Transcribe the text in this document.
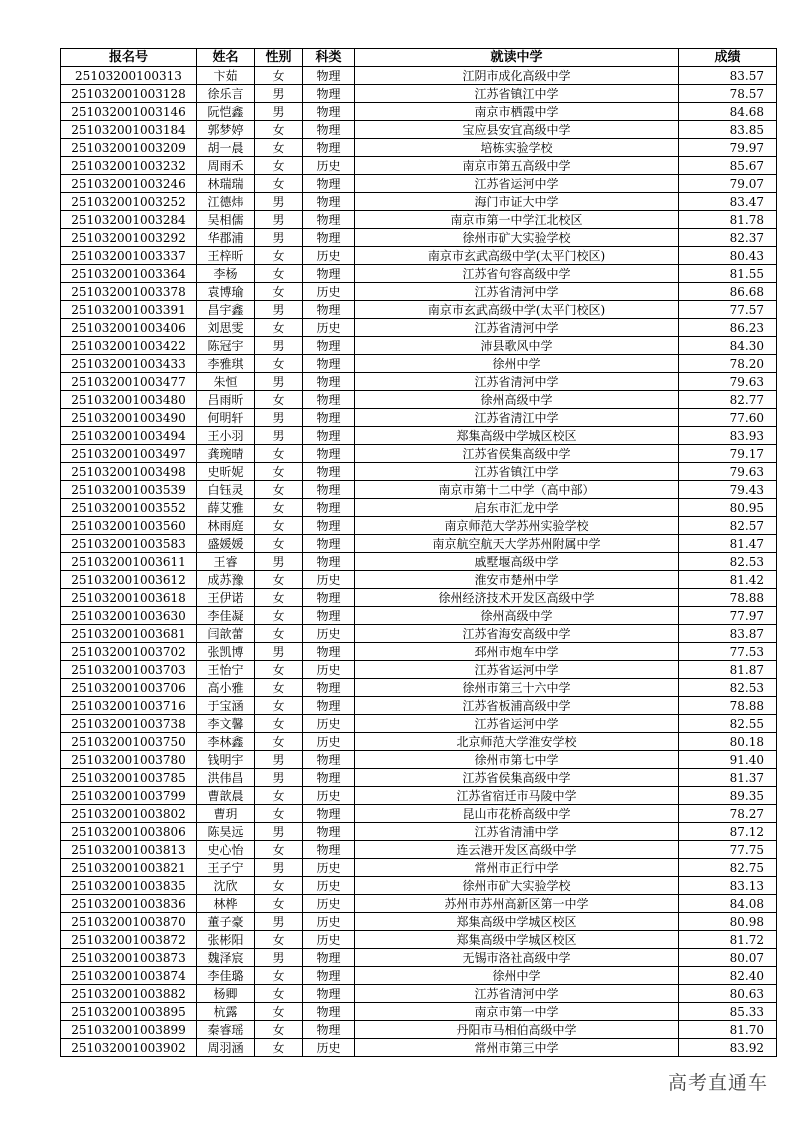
报名号	姓名	性别	科类	就读中学	成绩
25103200100313	卞茹	女	物理	江阴市成化高级中学	83.57
251032001003128	徐乐言	男	物理	江苏省镇江中学	78.57
251032001003146	阮恺鑫	男	物理	南京市栖霞中学	84.68
251032001003184	郭梦婷	女	物理	宝应县安宜高级中学	83.85
251032001003209	胡一晨	女	物理	培栋实验学校	79.97
251032001003232	周雨禾	女	历史	南京市第五高级中学	85.67
251032001003246	林瑞瑞	女	物理	江苏省运河中学	79.07
251032001003252	江德炜	男	物理	海门市证大中学	83.47
251032001003284	吴相儒	男	物理	南京市第一中学江北校区	81.78
251032001003292	华郡浦	男	物理	徐州市矿大实验学校	82.37
251032001003337	王梓昕	女	历史	南京市玄武高级中学(太平门校区)	80.43
251032001003364	李杨	女	物理	江苏省句容高级中学	81.55
251032001003378	袁博瑜	女	历史	江苏省清河中学	86.68
251032001003391	昌宇鑫	男	物理	南京市玄武高级中学(太平门校区)	77.57
251032001003406	刘思雯	女	历史	江苏省清河中学	86.23
251032001003422	陈冠宇	男	物理	沛县歌风中学	84.30
251032001003433	李雅琪	女	物理	徐州中学	78.20
251032001003477	朱恒	男	物理	江苏省清河中学	79.63
251032001003480	吕雨昕	女	物理	徐州高级中学	82.77
251032001003490	何明轩	男	物理	江苏省清江中学	77.60
251032001003494	王小羽	男	物理	郑集高级中学城区校区	83.93
251032001003497	龚琬晴	女	物理	江苏省侯集高级中学	79.17
251032001003498	史昕妮	女	物理	江苏省镇江中学	79.63
251032001003539	白钰灵	女	物理	南京市第十二中学（高中部）	79.43
251032001003552	薛艾雅	女	物理	启东市汇龙中学	80.95
251032001003560	林雨庭	女	物理	南京师范大学苏州实验学校	82.57
251032001003583	盛媛媛	女	物理	南京航空航天大学苏州附属中学	81.47
251032001003611	王睿	男	物理	戚墅堰高级中学	82.53
251032001003612	成苏豫	女	历史	淮安市楚州中学	81.42
251032001003618	王伊诺	女	物理	徐州经济技术开发区高级中学	78.88
251032001003630	李佳凝	女	物理	徐州高级中学	77.97
251032001003681	闫歆蕾	女	历史	江苏省海安高级中学	83.87
251032001003702	张凯博	男	物理	邳州市炮车中学	77.53
251032001003703	王怡宁	女	历史	江苏省运河中学	81.87
251032001003706	高小雅	女	物理	徐州市第三十六中学	82.53
251032001003716	于宝涵	女	物理	江苏省板浦高级中学	78.88
251032001003738	李文馨	女	历史	江苏省运河中学	82.55
251032001003750	李林鑫	女	历史	北京师范大学淮安学校	80.18
251032001003780	钱明宇	男	物理	徐州市第七中学	91.40
251032001003785	洪伟昌	男	物理	江苏省侯集高级中学	81.37
251032001003799	曹歆晨	女	历史	江苏省宿迁市马陵中学	89.35
251032001003802	曹玥	女	物理	昆山市花桥高级中学	78.27
251032001003806	陈昊远	男	物理	江苏省清浦中学	87.12
251032001003813	史心怡	女	物理	连云港开发区高级中学	77.75
251032001003821	王子宁	男	历史	常州市正行中学	82.75
251032001003835	沈欣	女	历史	徐州市矿大实验学校	83.13
251032001003836	林桦	女	历史	苏州市苏州高新区第一中学	84.08
251032001003870	董子豪	男	历史	郑集高级中学城区校区	80.98
251032001003872	张彬阳	女	历史	郑集高级中学城区校区	81.72
251032001003873	魏泽宸	男	物理	无锡市洛社高级中学	80.07
251032001003874	李佳璐	女	物理	徐州中学	82.40
251032001003882	杨卿	女	物理	江苏省清河中学	80.63
251032001003895	杭露	女	物理	南京市第一中学	85.33
251032001003899	秦睿瑶	女	物理	丹阳市马相伯高级中学	81.70
251032001003902	周羽涵	女	历史	常州市第三中学	83.92
高考直通车
